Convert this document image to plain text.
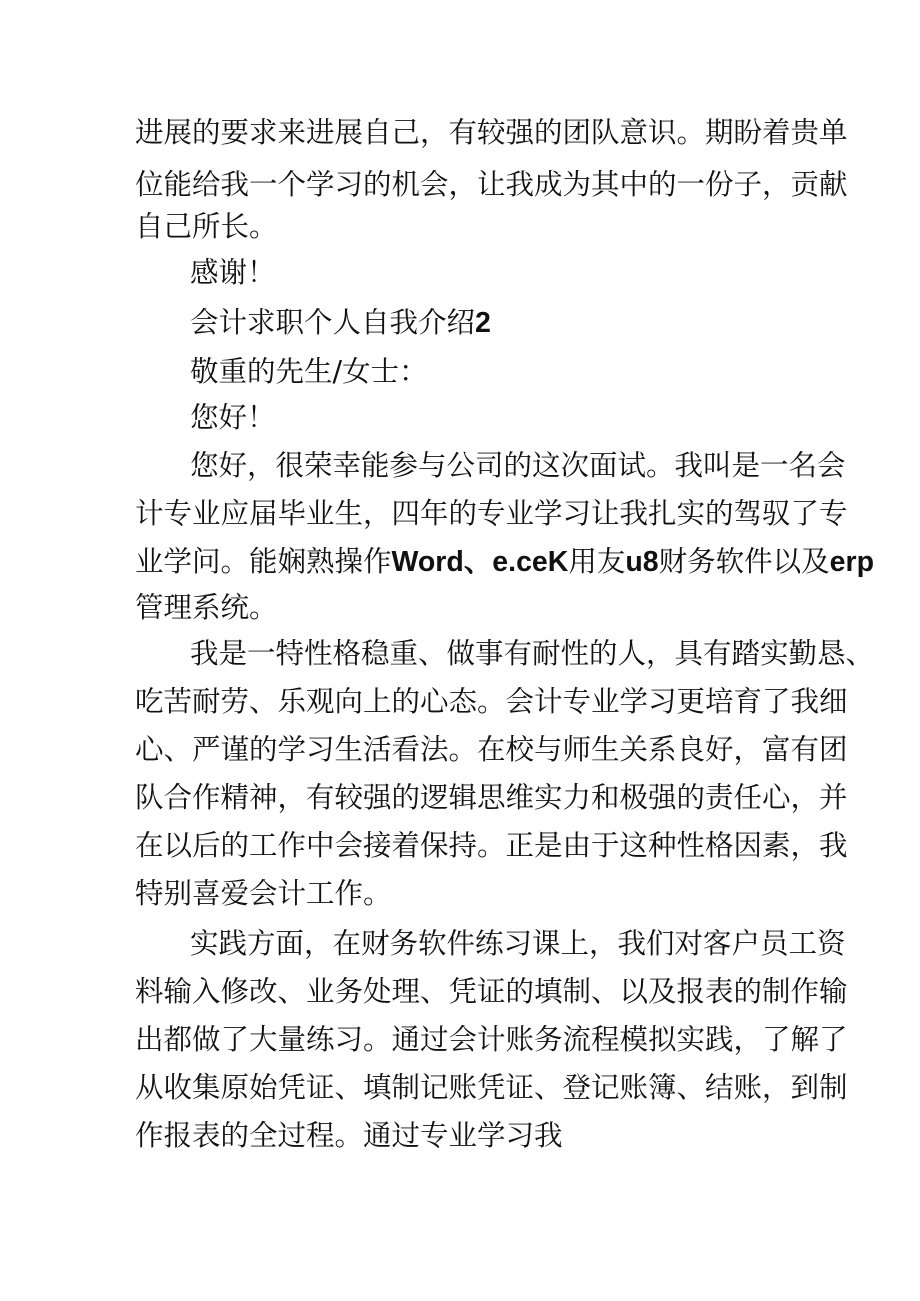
进展的要求来进展自己，有较强的团队意识。期盼着贵单
位能给我一个学习的机会，让我成为其中的一份子，贡献
自己所长。
感谢！
会计求职个人自我介绍2
敬重的先生/女士：
您好！
您好，很荣幸能参与公司的这次面试。我叫是一名会
计专业应届毕业生，四年的专业学习让我扎实的驾驭了专
业学问。能娴熟操作Word、e.ceK用友u8财务软件以及erp
管理系统。
我是一特性格稳重、做事有耐性的人，具有踏实勤恳、
吃苦耐劳、乐观向上的心态。会计专业学习更培育了我细
心、严谨的学习生活看法。在校与师生关系良好，富有团
队合作精神，有较强的逻辑思维实力和极强的责任心，并
在以后的工作中会接着保持。正是由于这种性格因素，我
特别喜爱会计工作。
实践方面，在财务软件练习课上，我们对客户员工资
料输入修改、业务处理、凭证的填制、以及报表的制作输
出都做了大量练习。通过会计账务流程模拟实践，了解了
从收集原始凭证、填制记账凭证、登记账簿、结账，到制
作报表的全过程。通过专业学习我
